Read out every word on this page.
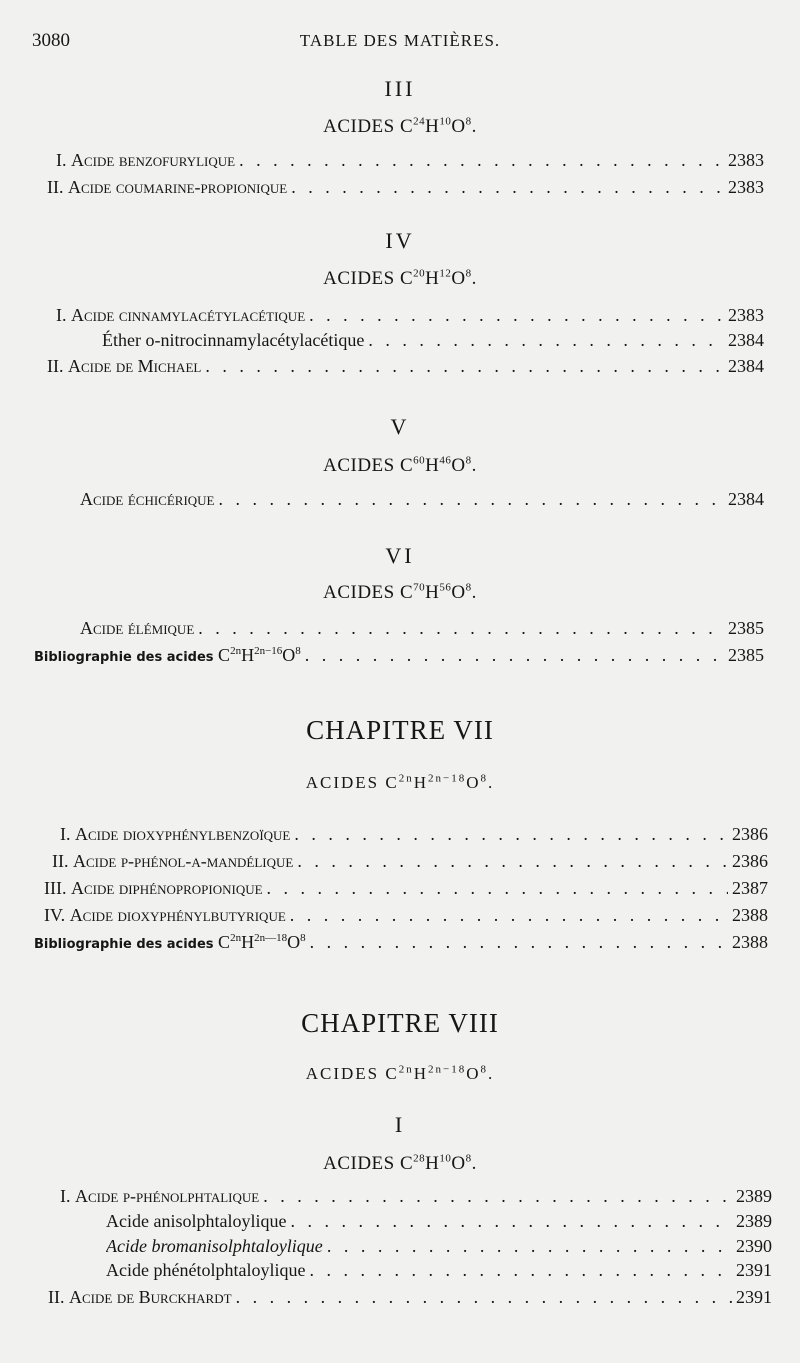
3080	TABLE DES MATIÈRES.
III
ACIDES $C^{24}H^{10}O^8$.
I. Acide benzofurylique . . .	2383
II. Acide coumarine-propionique . . .	2383
IV
ACIDES $C^{20}H^{12}O^8$.
I. Acide cinnamylacétylacétique . . .	2383
Éther o-nitrocinnamylacétylacétique . . .	2384
II. Acide de Michael . . .	2384
V
ACIDES $C^{60}H^{46}O^8$.
Acide échicérique . . .	2384
VI
ACIDES $C^{70}H^{56}O^8$.
Acide élémique . . .	2385
Bibliographie des acides $C^{2n}H^{2n-16}O^8$ . . .	2385
CHAPITRE VII
ACIDES $C^{2n}H^{2n-18}O^8$.
I. Acide dioxyphénylbenzoïque . . .	2386
II. Acide p-phénol-α-mandélique . . .	2386
III. Acide diphénopropionique . . .	2387
IV. Acide dioxyphénylbutyrique . . .	2388
Bibliographie des acides $C^{2n}H^{2n—18}O^8$ . . .	2388
CHAPITRE VIII
ACIDES $C^{2n}H^{2n-18}O^8$.
I
ACIDES $C^{28}H^{10}O^8$.
I. Acide p-phénolphtalique . . .	2389
Acide anisolphtaloylique . . .	2389
Acide bromanisolphtaloylique . . .	2390
Acide phénétolphtaloylique . . .	2391
II. Acide de Burckhardt . . .	2391
